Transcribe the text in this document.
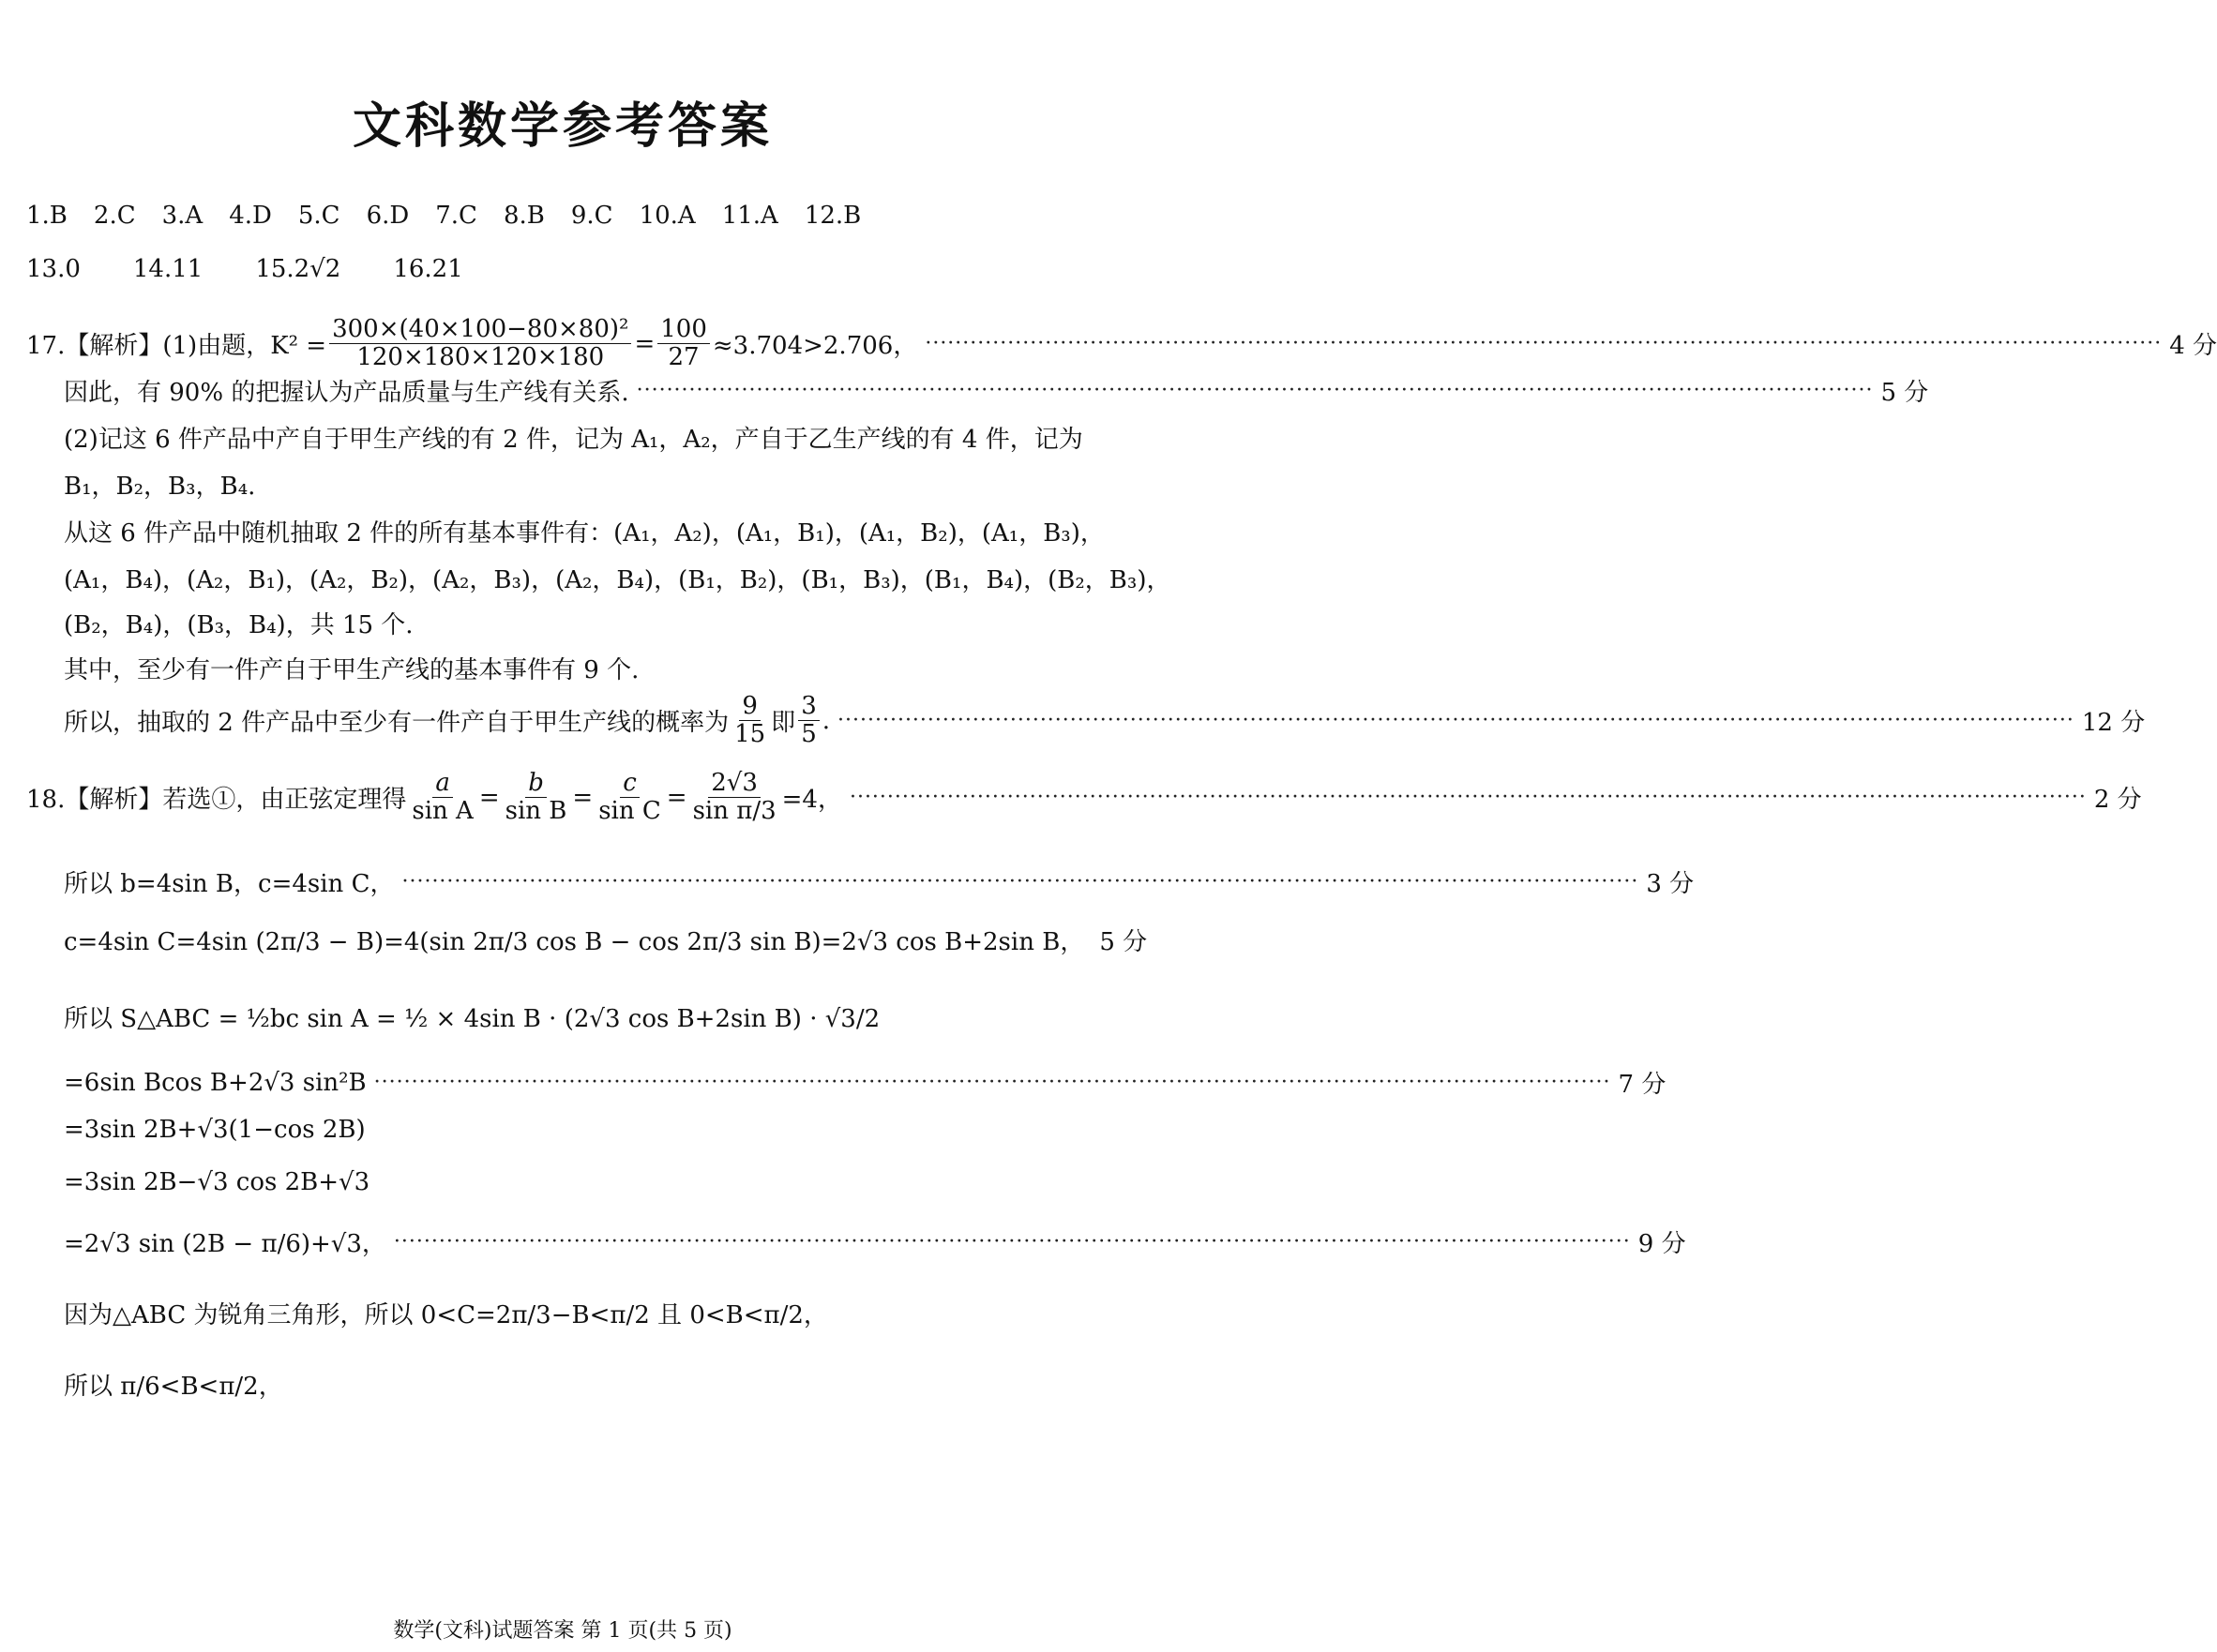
文科数学参考答案
1.B 2.C 3.A 4.D 5.C 6.D 7.C 8.B 9.C 10.A 11.A 12.B
13.0 14.11 15.2√2 16.21
17.【解析】 (1)由题，$K^2 = \frac{\text{300×(40×100−80×80)²}}{120\times 180\times 120\times 180} = \frac{100}{27} \approx 3.704>2.706$， ·····	4 分
因此，有 90% 的把握认为产品质量与生产线有关系. ·····	5 分
(2)记这 6 件产品中产自于甲生产线的有 2 件，记为 A₁，A₂，产自于乙生产线的有 4 件，记为
B₁，B₂，B₃，B₄.
从这 6 件产品中随机抽取 2 件的所有基本事件有：(A₁，A₂)，(A₁，B₁)，(A₁，B₂)，(A₁，B₃)，
(A₁，B₄)，(A₂，B₁)，(A₂，B₂)，(A₂，B₃)，(A₂，B₄)，(B₁，B₂)，(B₁，B₃)，(B₁，B₄)，(B₂，B₃)，
(B₂，B₄)，(B₃，B₄)，共 15 个.
其中，至少有一件产自于甲生产线的基本事件有 9 个.
所以，抽取的 2 件产品中至少有一件产自于甲生产线的概率为 $\frac{9}{15}$ 即 $\frac{3}{5}$ . ·····	12 分
18.【解析】 若选①，由正弦定理得 $\frac{a}{\text{sin A}} = \frac{b}{\text{sin B}} = \frac{c}{\text{sin C}} = \frac{2√3}{\text{sin π/3}} =4$， ·····	2 分
所以 b=4sin B，c=4sin C， ·····	3 分
c=4sin C=4sin (2π/3 − B)=4(sin 2π/3 cos B − cos 2π/3 sin B)=2√3 cos B+2sin B， 5 分
所以 S△ABC = ½bc sin A = ½ × 4sin B · (2√3 cos B+2sin B) · √3/2
=6sin Bcos B+2√3 sin²B ·····	7 分
=3sin 2B+√3(1−cos 2B)
=3sin 2B−√3 cos 2B+√3
=2√3 sin (2B − π/6)+√3， ·····	9 分
因为△ABC 为锐角三角形，所以 0<C=2π/3−B<π/2 且 0<B<π/2，
所以 π/6<B<π/2，
数学(文科)试题答案 第 1 页(共 5 页)
